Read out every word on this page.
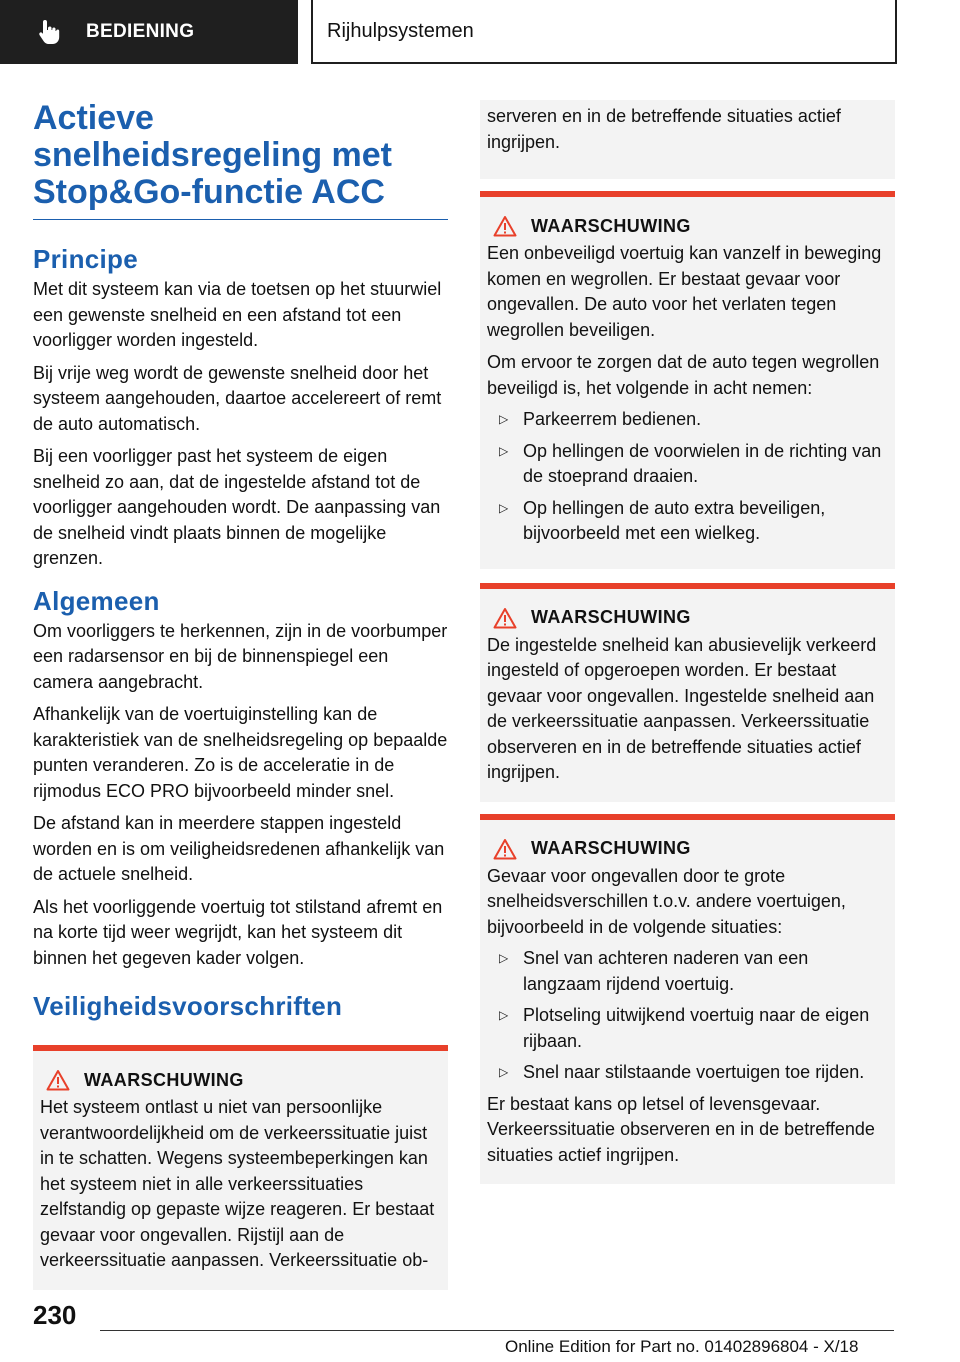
BEDIENING	Rijhulpsystemen
Actieve snelheidsregeling met Stop&Go-functie ACC
Principe

Met dit systeem kan via de toetsen op het stuurwiel een gewenste snelheid en een afstand tot een voorligger worden ingesteld.

Bij vrije weg wordt de gewenste snelheid door het systeem aangehouden, daartoe accelereert of remt de auto automatisch.

Bij een voorligger past het systeem de eigen snelheid zo aan, dat de ingestelde afstand tot de voorligger aangehouden wordt. De aanpassing van de snelheid vindt plaats binnen de mogelijke grenzen.

Algemeen

Om voorliggers te herkennen, zijn in de voorbumper een radarsensor en bij de binnenspiegel een camera aangebracht.

Afhankelijk van de voertuiginstelling kan de karakteristiek van de snelheidsregeling op bepaalde punten veranderen. Zo is de acceleratie in de rijmodus ECO PRO bijvoorbeeld minder snel.

De afstand kan in meerdere stappen ingesteld worden en is om veiligheidsredenen afhankelijk van de actuele snelheid.

Als het voorliggende voertuig tot stilstand afremt en na korte tijd weer wegrijdt, kan het systeem dit binnen het gegeven kader volgen.

Veiligheidsvoorschriften
WAARSCHUWING

Het systeem ontlast u niet van persoonlijke verantwoordelijkheid om de verkeerssituatie juist in te schatten. Wegens systeembeperkingen kan het systeem niet in alle verkeerssituaties zelfstandig op gepaste wijze reageren. Er bestaat gevaar voor ongevallen. Rijstijl aan de verkeerssituatie aanpassen. Verkeerssituatie ob-

serveren en in de betreffende situaties actief ingrijpen.

WAARSCHUWING

Een onbeveiligd voertuig kan vanzelf in beweging komen en wegrollen. Er bestaat gevaar voor ongevallen. De auto voor het verlaten tegen wegrollen beveiligen.

Om ervoor te zorgen dat de auto tegen wegrollen beveiligd is, het volgende in acht nemen:

▷ Parkeerrem bedienen.
▷ Op hellingen de voorwielen in de richting van de stoeprand draaien.
▷ Op hellingen de auto extra beveiligen, bijvoorbeeld met een wielkeg.
WAARSCHUWING

De ingestelde snelheid kan abusievelijk verkeerd ingesteld of opgeroepen worden. Er bestaat gevaar voor ongevallen. Ingestelde snelheid aan de verkeerssituatie aanpassen. Verkeerssituatie observeren en in de betreffende situaties actief ingrijpen.

WAARSCHUWING

Gevaar voor ongevallen door te grote snelheidsverschillen t.o.v. andere voertuigen, bijvoorbeeld in de volgende situaties:

▷ Snel van achteren naderen van een langzaam rijdend voertuig.
▷ Plotseling uitwijkend voertuig naar de eigen rijbaan.
▷ Snel naar stilstaande voertuigen toe rijden.

Er bestaat kans op letsel of levensgevaar. Verkeerssituatie observeren en in de betreffende situaties actief ingrijpen.

230
Online Edition for Part no. 01402896804 - X/18
